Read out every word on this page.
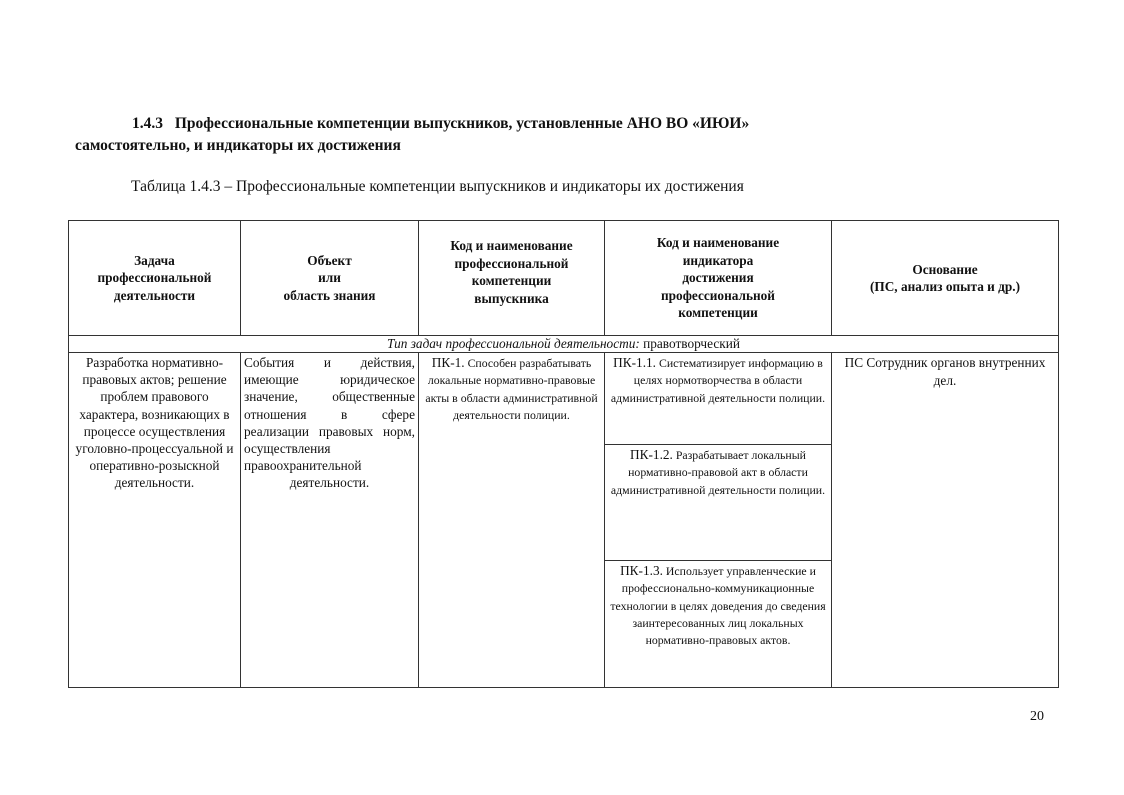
1.4.3 Профессиональные компетенции выпускников, установленные АНО ВО «ИЮИ»
самостоятельно, и индикаторы их достижения

Таблица 1.4.3 – Профессиональные компетенции выпускников и индикаторы их достижения

Задача
профессиональной
деятельности	Объект
или
область знания	Код и наименование
профессиональной
компетенции
выпускника	Код и наименование
индикатора
достижения
профессиональной
компетенции	Основание
(ПС, анализ опыта и др.)
Тип задач профессиональной деятельности: правотворческий				
Разработка нормативно-правовых актов; решение проблем правового характера, возникающих в процессе осуществления уголовно-процессуальной и оперативно-розыскной деятельности.	События и действия, имеющие юридическое значение, общественные отношения в сфере реализации правовых норм, осуществления правоохранительной деятельности.	ПК-1. Способен разрабатывать локальные нормативно-правовые акты в области административной деятельности полиции.	ПК-1.1. Систематизирует информацию в целях нормотворчества в области административной деятельности полиции.	ПС Сотрудник органов внутренних дел.
			ПК-1.2. Разрабатывает локальный нормативно-правовой акт в области административной деятельности полиции.	
			ПК-1.3. Использует управленческие и профессионально-коммуникационные технологии в целях доведения до сведения заинтересованных лиц локальных нормативно-правовых актов.	

20
